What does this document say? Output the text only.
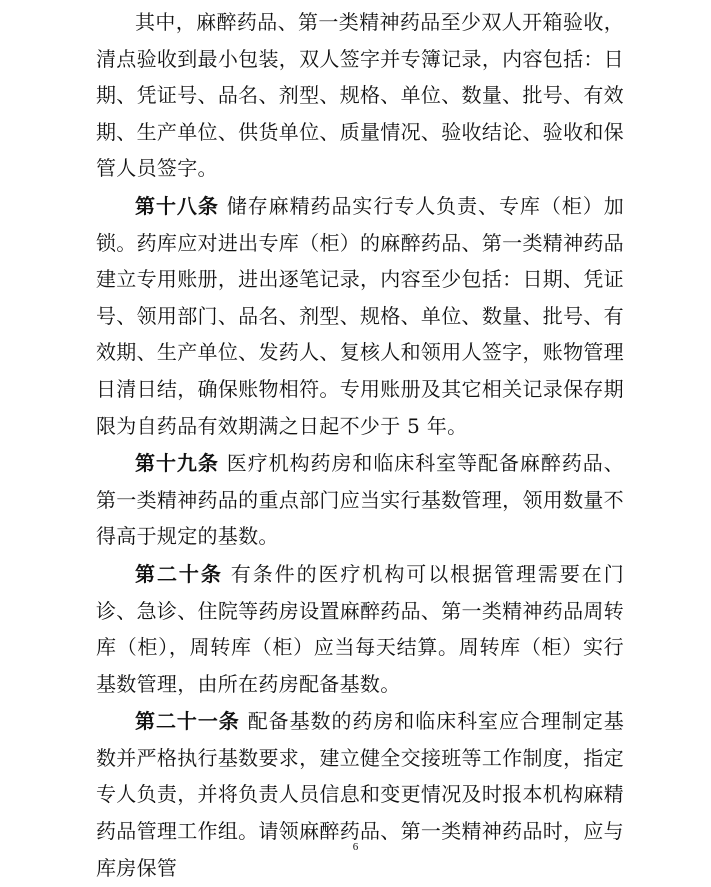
其中，麻醉药品、第一类精神药品至少双人开箱验收，清点验收到最小包装，双人签字并专簿记录，内容包括：日期、凭证号、品名、剂型、规格、单位、数量、批号、有效期、生产单位、供货单位、质量情况、验收结论、验收和保管人员签字。

第十八条 储存麻精药品实行专人负责、专库（柜）加锁。药库应对进出专库（柜）的麻醉药品、第一类精神药品建立专用账册，进出逐笔记录，内容至少包括：日期、凭证号、领用部门、品名、剂型、规格、单位、数量、批号、有效期、生产单位、发药人、复核人和领用人签字，账物管理日清日结，确保账物相符。专用账册及其它相关记录保存期限为自药品有效期满之日起不少于 5 年。

第十九条 医疗机构药房和临床科室等配备麻醉药品、第一类精神药品的重点部门应当实行基数管理，领用数量不得高于规定的基数。

第二十条 有条件的医疗机构可以根据管理需要在门诊、急诊、住院等药房设置麻醉药品、第一类精神药品周转库（柜），周转库（柜）应当每天结算。周转库（柜）实行基数管理，由所在药房配备基数。

第二十一条 配备基数的药房和临床科室应合理制定基数并严格执行基数要求，建立健全交接班等工作制度，指定专人负责，并将负责人员信息和变更情况及时报本机构麻精药品管理工作组。请领麻醉药品、第一类精神药品时，应与库房保管

6
